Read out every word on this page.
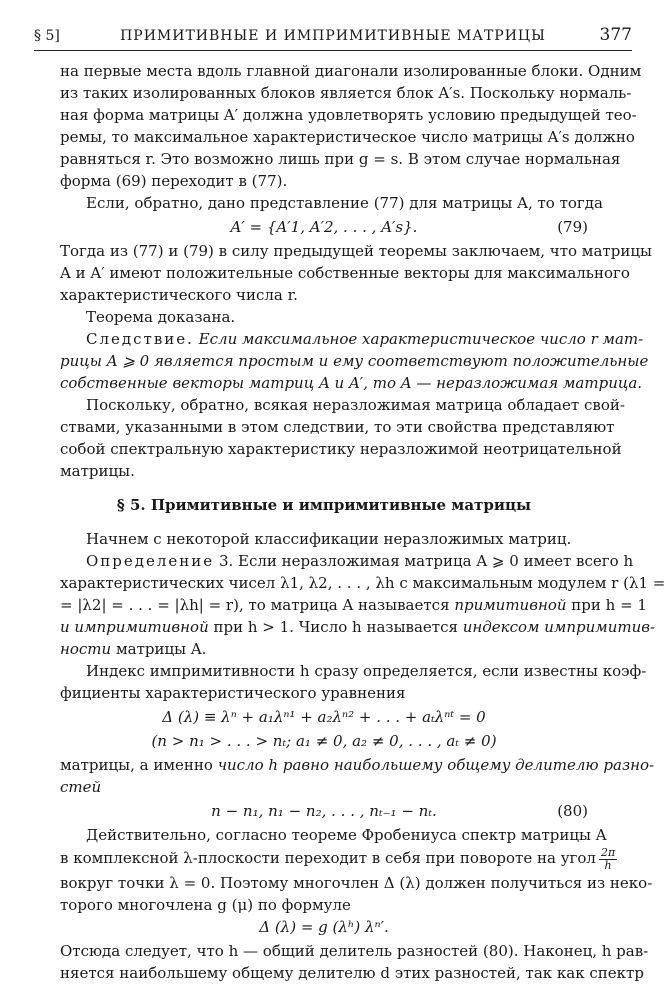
§ 5]	ПРИМИТИВНЫЕ И ИМПРИМИТИВНЫЕ МАТРИЦЫ	377
на первые места вдоль главной диагонали изолированные блоки. Одним
из таких изолированных блоков является блок A′s. Поскольку нормаль-
ная форма матрицы A′ должна удовлетворять условию предыдущей тео-
ремы, то максимальное характеристическое число матрицы A′s должно
равняться r. Это возможно лишь при g = s. В этом случае нормальная
форма (69) переходит в (77).
Если, обратно, дано представление (77) для матрицы A, то тогда
A′ = {A′1, A′2, . . . , A′s}.	(79)
Тогда из (77) и (79) в силу предыдущей теоремы заключаем, что матрицы
A и A′ имеют положительные собственные векторы для максимального
характеристического числа r.
Теорема доказана.
Следствие. Если максимальное характеристическое число r мат-
рицы A ⩾ 0 является простым и ему соответствуют положительные
собственные векторы матриц A и A′, то A — неразложимая матрица.
Поскольку, обратно, всякая неразложимая матрица обладает свой-
ствами, указанными в этом следствии, то эти свойства представляют
собой спектральную характеристику неразложимой неотрицательной
матрицы.
§ 5. Примитивные и импримитивные матрицы
Начнем с некоторой классификации неразложимых матриц.
Определение 3. Если неразложимая матрица A ⩾ 0 имеет всего h
характеристических чисел λ1, λ2, . . . , λh с максимальным модулем r (λ1 =
= |λ2| = . . . = |λh| = r), то матрица A называется примитивной при h = 1
и импримитивной при h > 1. Число h называется индексом импримитив-
ности матрицы A.
Индекс импримитивности h сразу определяется, если известны коэф-
фициенты характеристического уравнения
Δ (λ) ≡ λⁿ + a₁λⁿ¹ + a₂λⁿ² + . . . + aₜλⁿᵗ = 0
(n > n₁ > . . . > nₜ; a₁ ≠ 0, a₂ ≠ 0, . . . , aₜ ≠ 0)
матрицы, а именно число h равно наибольшему общему делителю разно-
стей
n − n₁, n₁ − n₂, . . . , nₜ₋₁ − nₜ.	(80)
Действительно, согласно теореме Фробениуса спектр матрицы A
в комплексной λ-плоскости переходит в себя при повороте на угол $\frac{2\pi}{h}$
вокруг точки λ = 0. Поэтому многочлен Δ (λ) должен получиться из неко-
торого многочлена g (μ) по формуле
Δ (λ) = g (λʰ) λⁿ′.
Отсюда следует, что h — общий делитель разностей (80). Наконец, h рав-
няется наибольшему общему делителю d этих разностей, так как спектр
